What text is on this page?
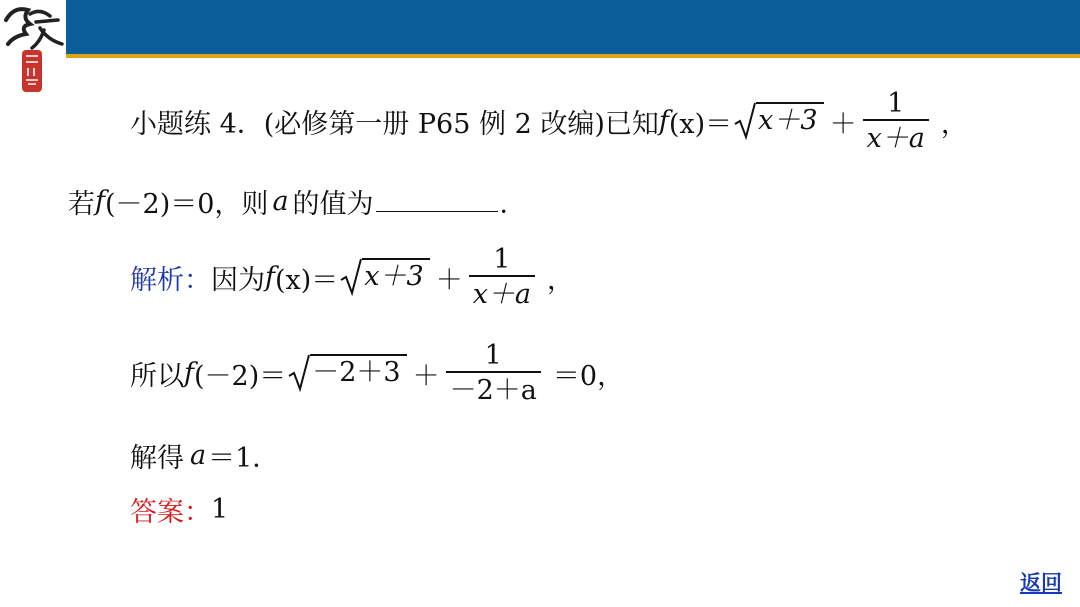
小题练 4．(必修第一册 P65 例 2 改编)已知 f $(x)= x+3 + \frac{1}{x+a}$ ，
若 f (－2)＝0，则 a 的值为	．
解析： 因为 f $(x)= x+3 + \frac{1}{x+a}$ ，
所以 f $(-2)= -2+3 + \frac{1}{-2+a} =0$，
解得 a ＝1．
答案： 1
返回
